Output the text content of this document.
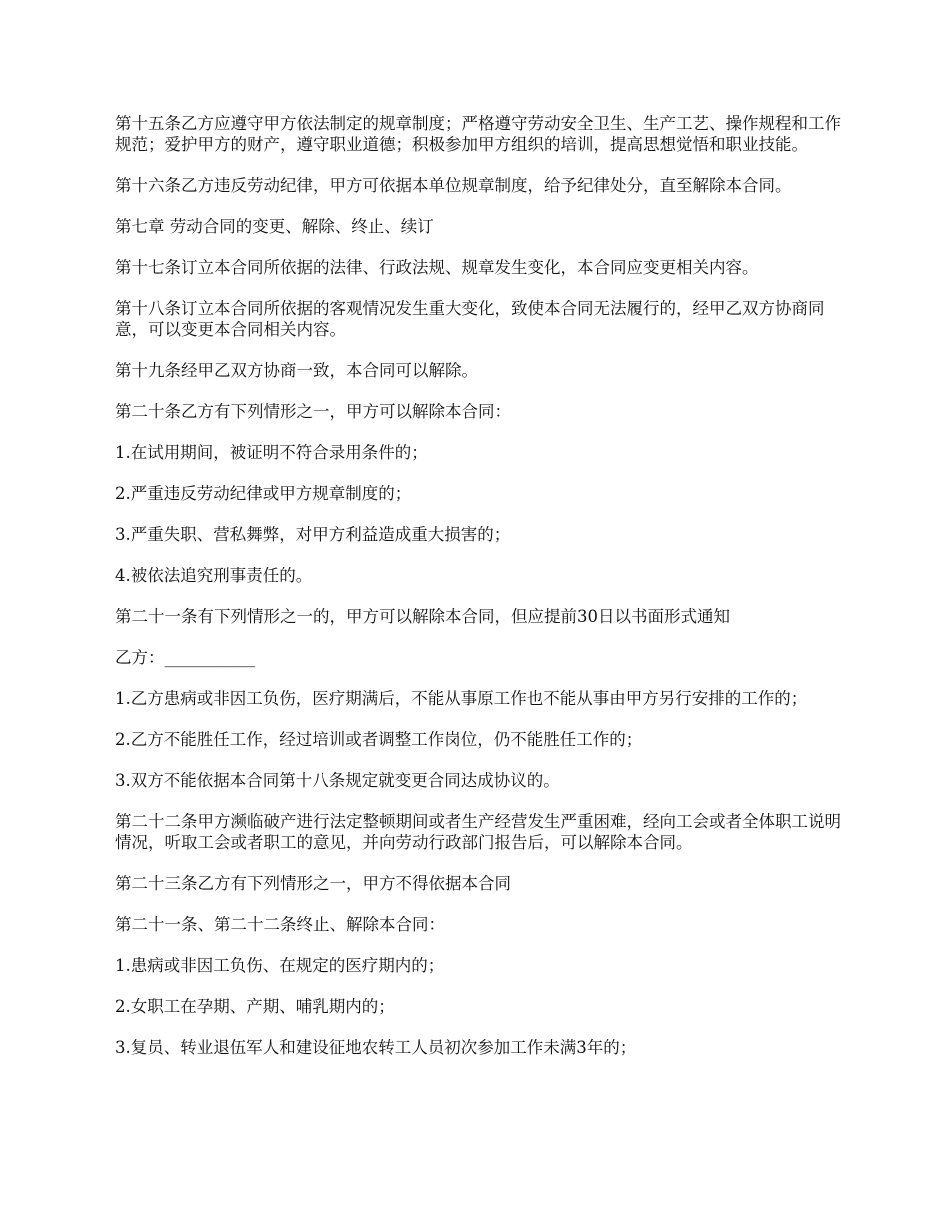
第十五条乙方应遵守甲方依法制定的规章制度；严格遵守劳动安全卫生、生产工艺、操作规程和工作规范；爱护甲方的财产，遵守职业道德；积极参加甲方组织的培训，提高思想觉悟和职业技能。

第十六条乙方违反劳动纪律，甲方可依据本单位规章制度，给予纪律处分，直至解除本合同。

第七章 劳动合同的变更、解除、终止、续订

第十七条订立本合同所依据的法律、行政法规、规章发生变化，本合同应变更相关内容。

第十八条订立本合同所依据的客观情况发生重大变化，致使本合同无法履行的，经甲乙双方协商同意，可以变更本合同相关内容。

第十九条经甲乙双方协商一致，本合同可以解除。

第二十条乙方有下列情形之一，甲方可以解除本合同：

1.在试用期间，被证明不符合录用条件的；

2.严重违反劳动纪律或甲方规章制度的；

3.严重失职、营私舞弊，对甲方利益造成重大损害的；

4.被依法追究刑事责任的。

第二十一条有下列情形之一的，甲方可以解除本合同，但应提前30日以书面形式通知

乙方：___________

1.乙方患病或非因工负伤，医疗期满后，不能从事原工作也不能从事由甲方另行安排的工作的；

2.乙方不能胜任工作，经过培训或者调整工作岗位，仍不能胜任工作的；

3.双方不能依据本合同第十八条规定就变更合同达成协议的。

第二十二条甲方濒临破产进行法定整顿期间或者生产经营发生严重困难，经向工会或者全体职工说明情况，听取工会或者职工的意见，并向劳动行政部门报告后，可以解除本合同。

第二十三条乙方有下列情形之一，甲方不得依据本合同

第二十一条、第二十二条终止、解除本合同：

1.患病或非因工负伤、在规定的医疗期内的；

2.女职工在孕期、产期、哺乳期内的；

3.复员、转业退伍军人和建设征地农转工人员初次参加工作未满3年的；
